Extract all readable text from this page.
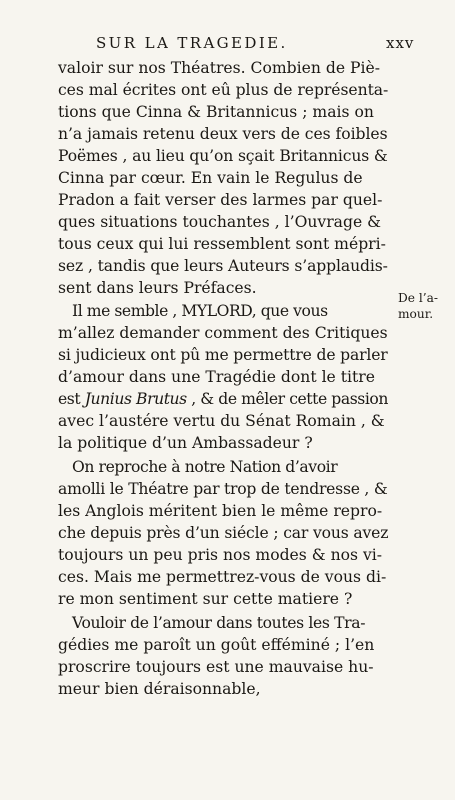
SUR LA TRAGEDIE.	xxv
valoir sur nos Théatres. Combien de Piè-
ces mal écrites ont eû plus de représenta-
tions que Cinna & Britannicus ; mais on
n’a jamais retenu deux vers de ces foibles
Poëmes , au lieu qu’on sçait Britannicus &
Cinna par cœur. En vain le Regulus de
Pradon a fait verser des larmes par quel-
ques situations touchantes , l’Ouvrage &
tous ceux qui lui ressemblent sont mépri-
sez , tandis que leurs Auteurs s’applaudis-
sent dans leurs Préfaces.
Il me semble , MYLORD, que vous
m’allez demander comment des Critiques
si judicieux ont pû me permettre de parler
d’amour dans une Tragédie dont le titre
est Junius Brutus , & de mêler cette passion
avec l’austére vertu du Sénat Romain , &
la politique d’un Ambassadeur ?
On reproche à notre Nation d’avoir
amolli le Théatre par trop de tendresse , &
les Anglois méritent bien le même repro-
che depuis près d’un siécle ; car vous avez
toujours un peu pris nos modes & nos vi-
ces. Mais me permettrez-vous de vous di-
re mon sentiment sur cette matiere ?
Vouloir de l’amour dans toutes les Tra-
gédies me paroît un goût efféminé ; l’en
proscrire toujours est une mauvaise hu-
meur bien déraisonnable,
De l’a-
mour.
